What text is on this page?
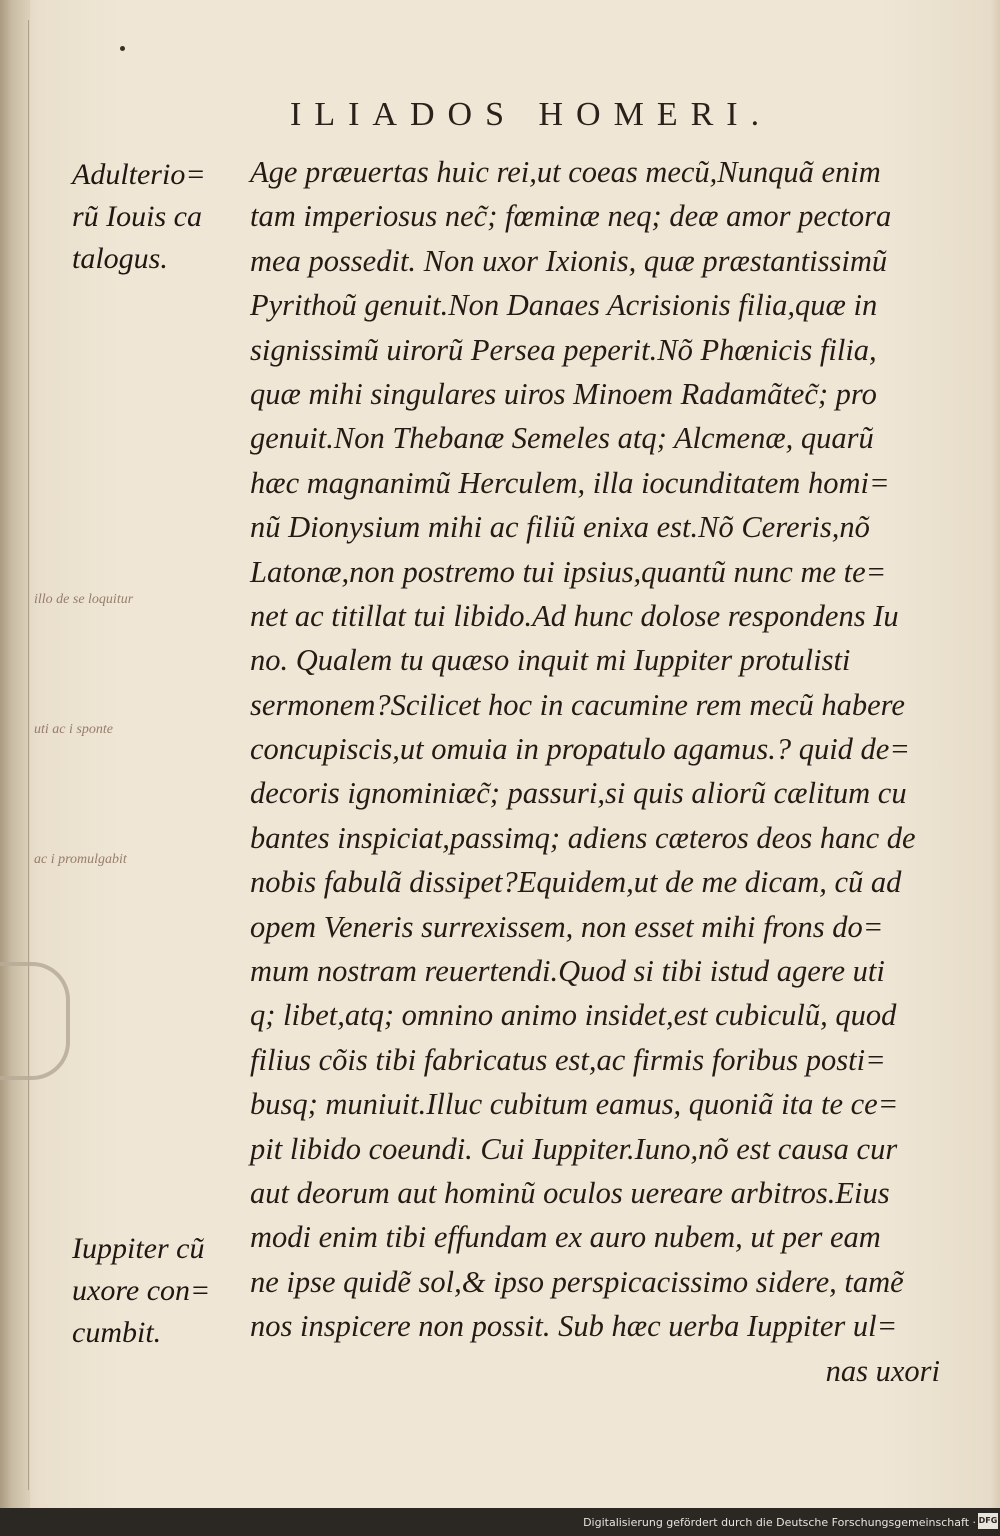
ILIADOS HOMERI.
Adulterio=
rũ Iouis ca
talogus.
Iuppiter cũ
uxore con=
cumbit.
illo de se loquitur
uti ac i sponte
ac i promulgabit
Age præuertas huic rei,ut coeas mecũ,Nunquã enim
tam imperiosus nec̃; fœminæ neq; deæ amor pectora
mea possedit. Non uxor Ixionis, quæ præstantissimũ
Pyrithoũ genuit.Non Danaes Acrisionis filia,quæ in
signissimũ uirorũ Persea peperit.Nõ Phœnicis filia,
quæ mihi singulares uiros Minoem Radamãtec̃; pro
genuit.Non Thebanæ Semeles atq; Alcmenæ, quarũ
hæc magnanimũ Herculem, illa iocunditatem homi=
nũ Dionysium mihi ac filiũ enixa est.Nõ Cereris,nõ
Latonæ,non postremo tui ipsius,quantũ nunc me te=
net ac titillat tui libido.Ad hunc dolose respondens Iu
no. Qualem tu quæso inquit mi Iuppiter protulisti
sermonem?Scilicet hoc in cacumine rem mecũ habere
concupiscis,ut omuia in propatulo agamus.? quid de=
decoris ignominiæc̃; passuri,si quis aliorũ cælitum cu
bantes inspiciat,passimq; adiens cæteros deos hanc de
nobis fabulã dissipet?Equidem,ut de me dicam, cũ ad
opem Veneris surrexissem, non esset mihi frons do=
mum nostram reuertendi.Quod si tibi istud agere uti
q; libet,atq; omnino animo insidet,est cubiculũ, quod
filius cõis tibi fabricatus est,ac firmis foribus posti=
busq; muniuit.Illuc cubitum eamus, quoniã ita te ce=
pit libido coeundi. Cui Iuppiter.Iuno,nõ est causa cur
aut deorum aut hominũ oculos uereare arbitros.Eius
modi enim tibi effundam ex auro nubem, ut per eam
ne ipse quidẽ sol,& ipso perspicacissimo sidere, tamẽ
nos inspicere non possit. Sub hæc uerba Iuppiter ul=
nas uxori
Digitalisierung gefördert durch die Deutsche Forschungsgemeinschaft · DFG
